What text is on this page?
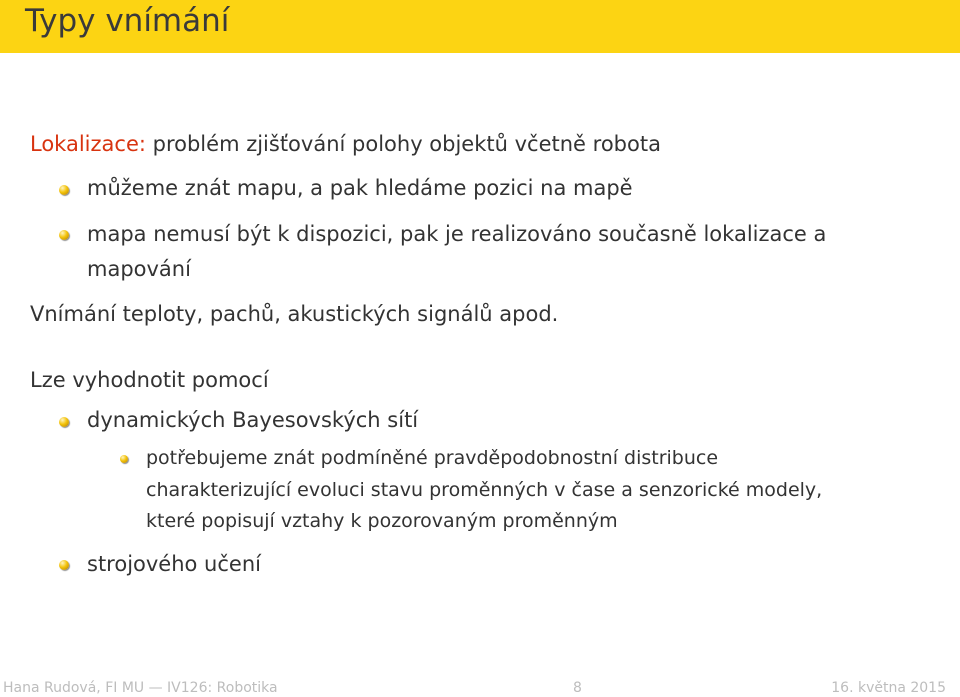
Typy vnímání
Lokalizace: problém zjišťování polohy objektů včetně robota
můžeme znát mapu, a pak hledáme pozici na mapě
mapa nemusí být k dispozici, pak je realizováno současně lokalizace a
mapování
Vnímání teploty, pachů, akustických signálů apod.
Lze vyhodnotit pomocí
dynamických Bayesovských sítí
potřebujeme znát podmíněné pravděpodobnostní distribuce
charakterizující evoluci stavu proměnných v čase a senzorické modely,
které popisují vztahy k pozorovaným proměnným
strojového učení
Hana Rudová, FI MU — IV126: Robotika	8	16. května 2015
